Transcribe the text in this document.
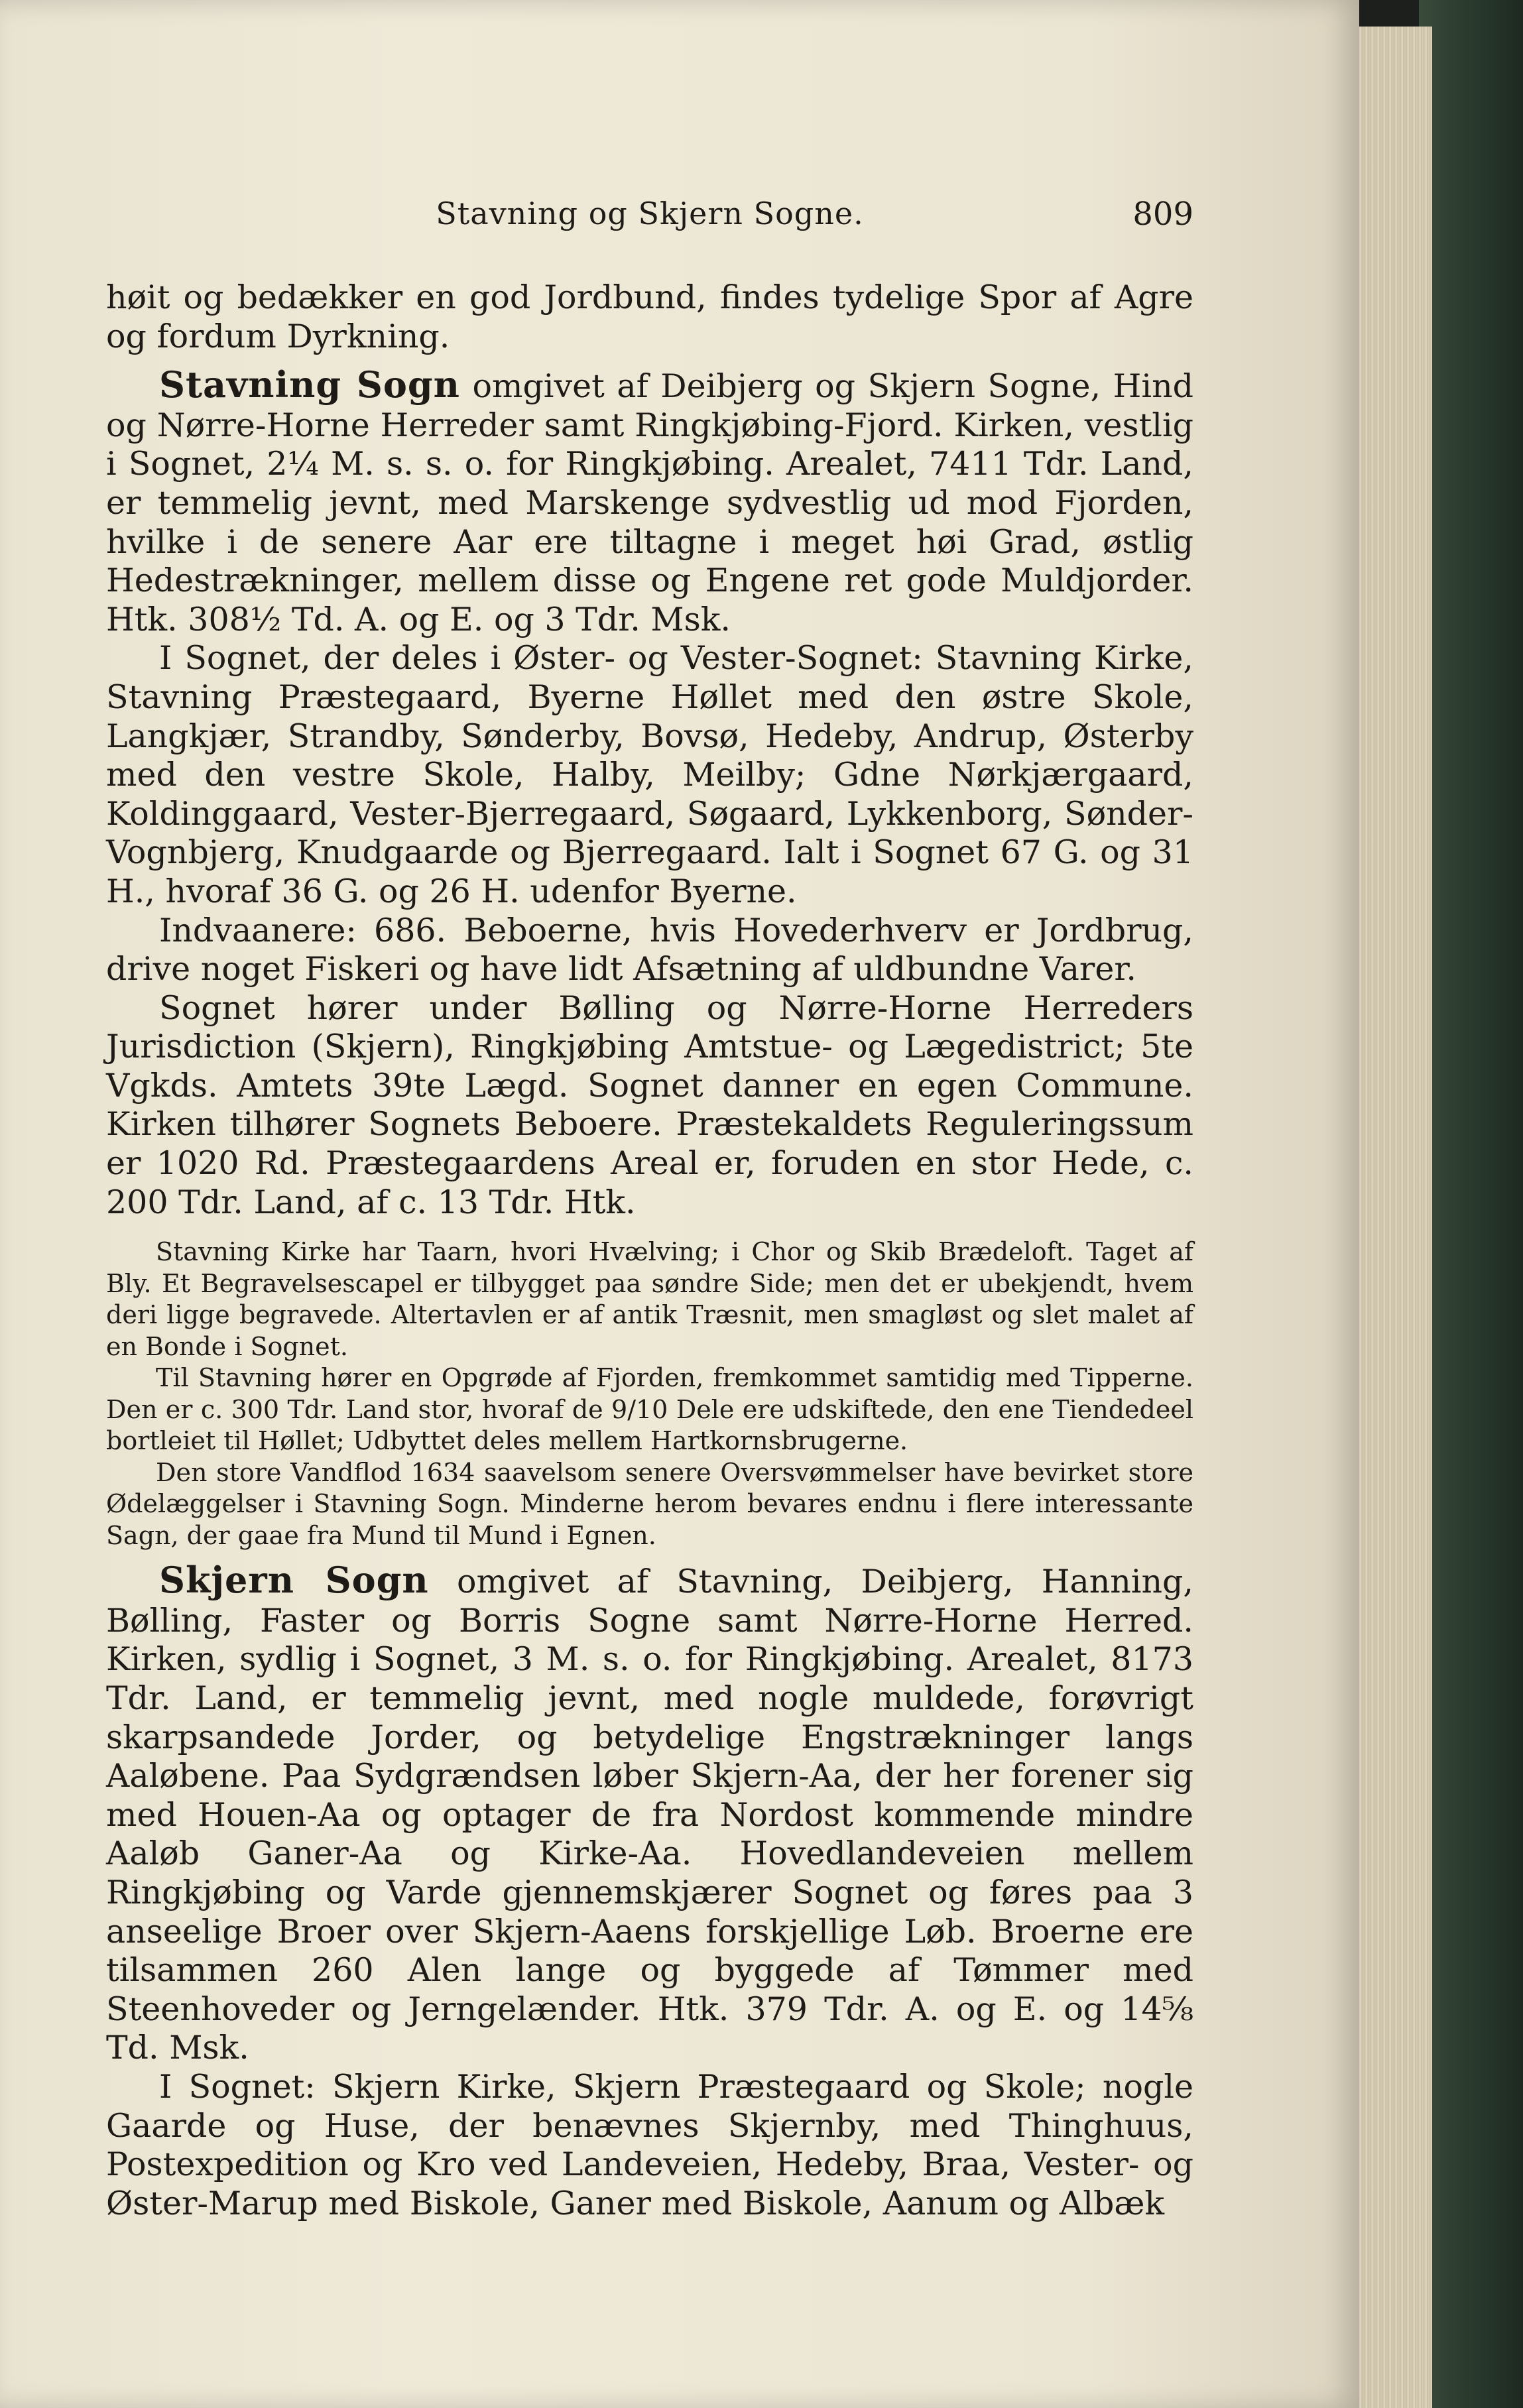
Stavning og Skjern Sogne.	809

høit og bedækker en god Jordbund, findes tydelige Spor af Agre og fordum Dyrkning.

Stavning Sogn omgivet af Deibjerg og Skjern Sogne, Hind og Nørre-Horne Herreder samt Ringkjøbing-Fjord. Kirken, vestlig i Sognet, 2¼ M. s. s. o. for Ringkjøbing. Arealet, 7411 Tdr. Land, er temmelig jevnt, med Marskenge sydvestlig ud mod Fjorden, hvilke i de senere Aar ere tiltagne i meget høi Grad, østlig Hedestrækninger, mellem disse og Engene ret gode Muldjorder. Htk. 308½ Td. A. og E. og 3 Tdr. Msk.

I Sognet, der deles i Øster- og Vester-Sognet: Stavning Kirke, Stavning Præstegaard, Byerne Høllet med den østre Skole, Langkjær, Strandby, Sønderby, Bovsø, Hedeby, Andrup, Østerby med den vestre Skole, Halby, Meilby; Gdne Nørkjærgaard, Koldinggaard, Vester-Bjerregaard, Søgaard, Lykkenborg, Sønder-Vognbjerg, Knudgaarde og Bjerregaard. Ialt i Sognet 67 G. og 31 H., hvoraf 36 G. og 26 H. udenfor Byerne.

Indvaanere: 686. Beboerne, hvis Hovederhverv er Jordbrug, drive noget Fiskeri og have lidt Afsætning af uldbundne Varer.

Sognet hører under Bølling og Nørre-Horne Herreders Jurisdiction (Skjern), Ringkjøbing Amtstue- og Lægedistrict; 5te Vgkds. Amtets 39te Lægd. Sognet danner en egen Commune. Kirken tilhører Sognets Beboere. Præstekaldets Reguleringssum er 1020 Rd. Præstegaardens Areal er, foruden en stor Hede, c. 200 Tdr. Land, af c. 13 Tdr. Htk.

Stavning Kirke har Taarn, hvori Hvælving; i Chor og Skib Brædeloft. Taget af Bly. Et Begravelsescapel er tilbygget paa søndre Side; men det er ubekjendt, hvem deri ligge begravede. Altertavlen er af antik Træsnit, men smagløst og slet malet af en Bonde i Sognet.

Til Stavning hører en Opgrøde af Fjorden, fremkommet samtidig med Tipperne. Den er c. 300 Tdr. Land stor, hvoraf de 9/10 Dele ere udskiftede, den ene Tiendedeel bortleiet til Høllet; Udbyttet deles mellem Hartkornsbrugerne.

Den store Vandflod 1634 saavelsom senere Oversvømmelser have bevirket store Ødelæggelser i Stavning Sogn. Minderne herom bevares endnu i flere interessante Sagn, der gaae fra Mund til Mund i Egnen.

Skjern Sogn omgivet af Stavning, Deibjerg, Hanning, Bølling, Faster og Borris Sogne samt Nørre-Horne Herred. Kirken, sydlig i Sognet, 3 M. s. o. for Ringkjøbing. Arealet, 8173 Tdr. Land, er temmelig jevnt, med nogle muldede, forøvrigt skarpsandede Jorder, og betydelige Engstrækninger langs Aaløbene. Paa Sydgrændsen løber Skjern-Aa, der her forener sig med Houen-Aa og optager de fra Nordost kommende mindre Aaløb Ganer-Aa og Kirke-Aa. Hovedlandeveien mellem Ringkjøbing og Varde gjennemskjærer Sognet og føres paa 3 anseelige Broer over Skjern-Aaens forskjellige Løb. Broerne ere tilsammen 260 Alen lange og byggede af Tømmer med Steenhoveder og Jerngelænder. Htk. 379 Tdr. A. og E. og 14⅝ Td. Msk.

I Sognet: Skjern Kirke, Skjern Præstegaard og Skole; nogle Gaarde og Huse, der benævnes Skjernby, med Thinghuus, Postexpedition og Kro ved Landeveien, Hedeby, Braa, Vester- og Øster-Marup med Biskole, Ganer med Biskole, Aanum og Albæk
